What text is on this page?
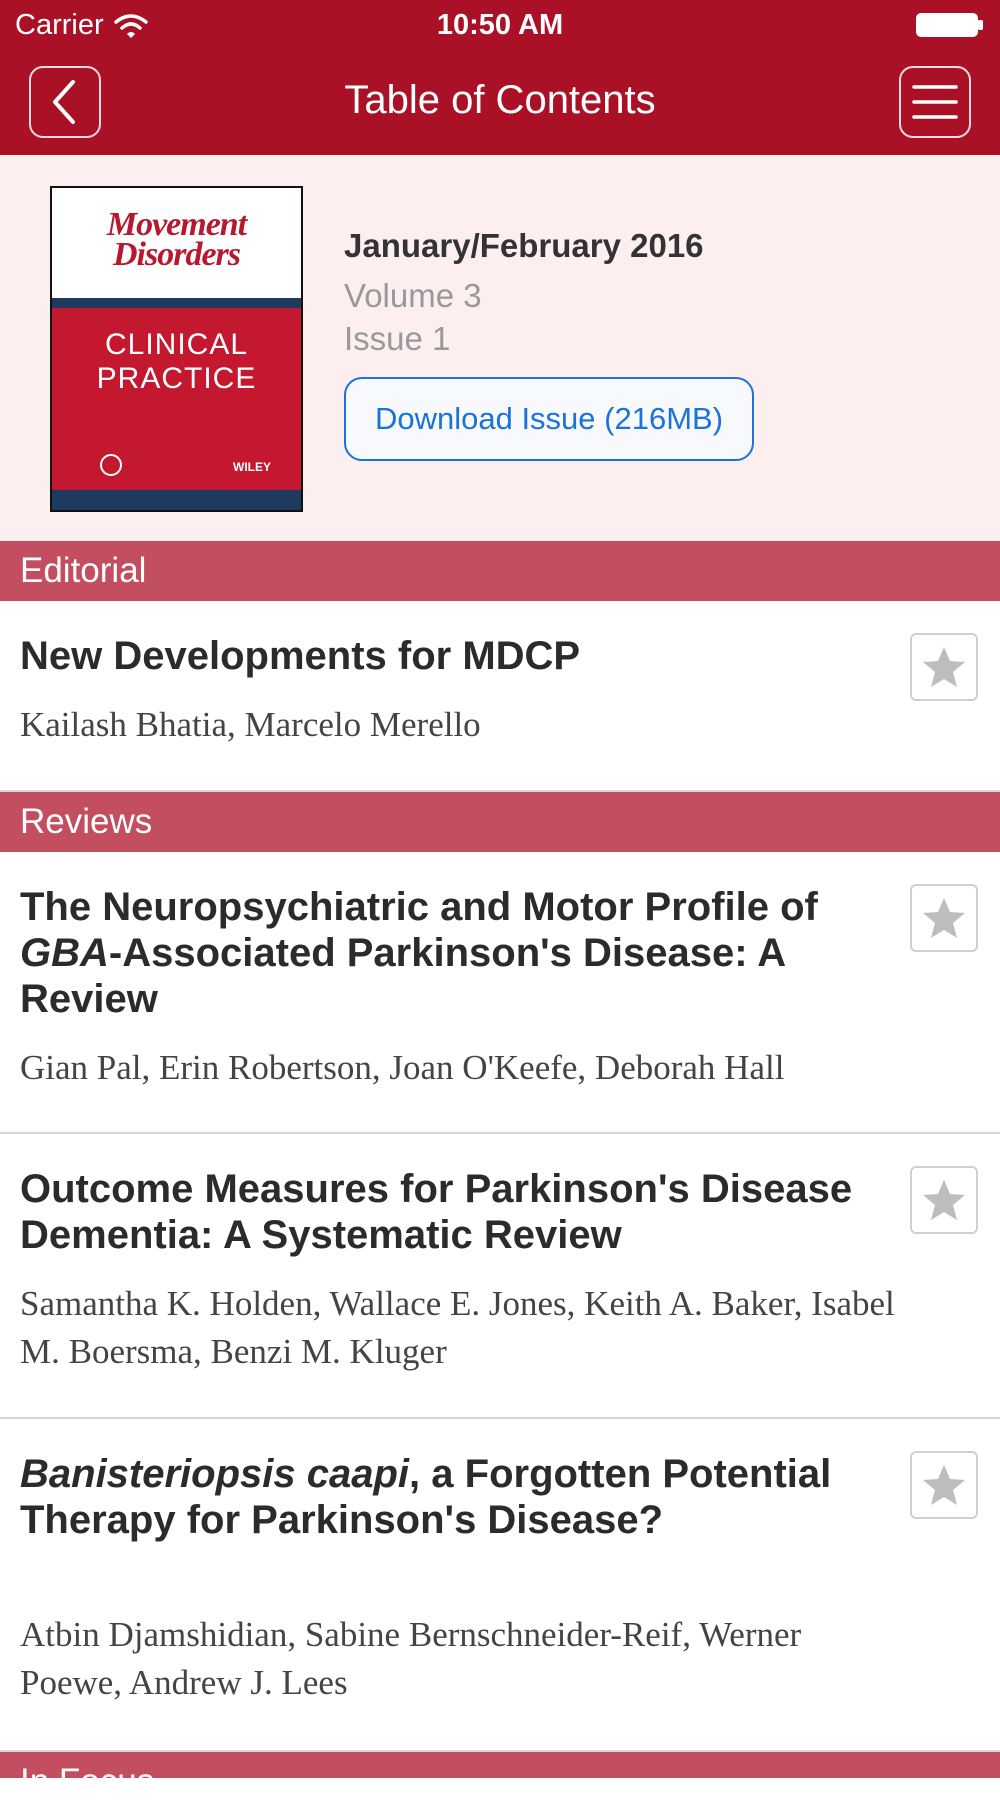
Carrier	10:50 AM
Table of Contents
Movement Disorders
CLINICAL
PRACTICE
WILEY
January/February 2016
Volume 3
Issue 1
Download Issue (216MB)
Editorial
New Developments for MDCP
Kailash Bhatia, Marcelo Merello
Reviews
The Neuropsychiatric and Motor Profile of GBA-Associated Parkinson's Disease: A Review
Gian Pal, Erin Robertson, Joan O'Keefe, Deborah Hall
Outcome Measures for Parkinson's Disease Dementia: A Systematic Review
Samantha K. Holden, Wallace E. Jones, Keith A. Baker, Isabel M. Boersma, Benzi M. Kluger
Banisteriopsis caapi, a Forgotten Potential Therapy for Parkinson's Disease?
Atbin Djamshidian, Sabine Bernschneider-Reif, Werner Poewe, Andrew J. Lees
In Focus
